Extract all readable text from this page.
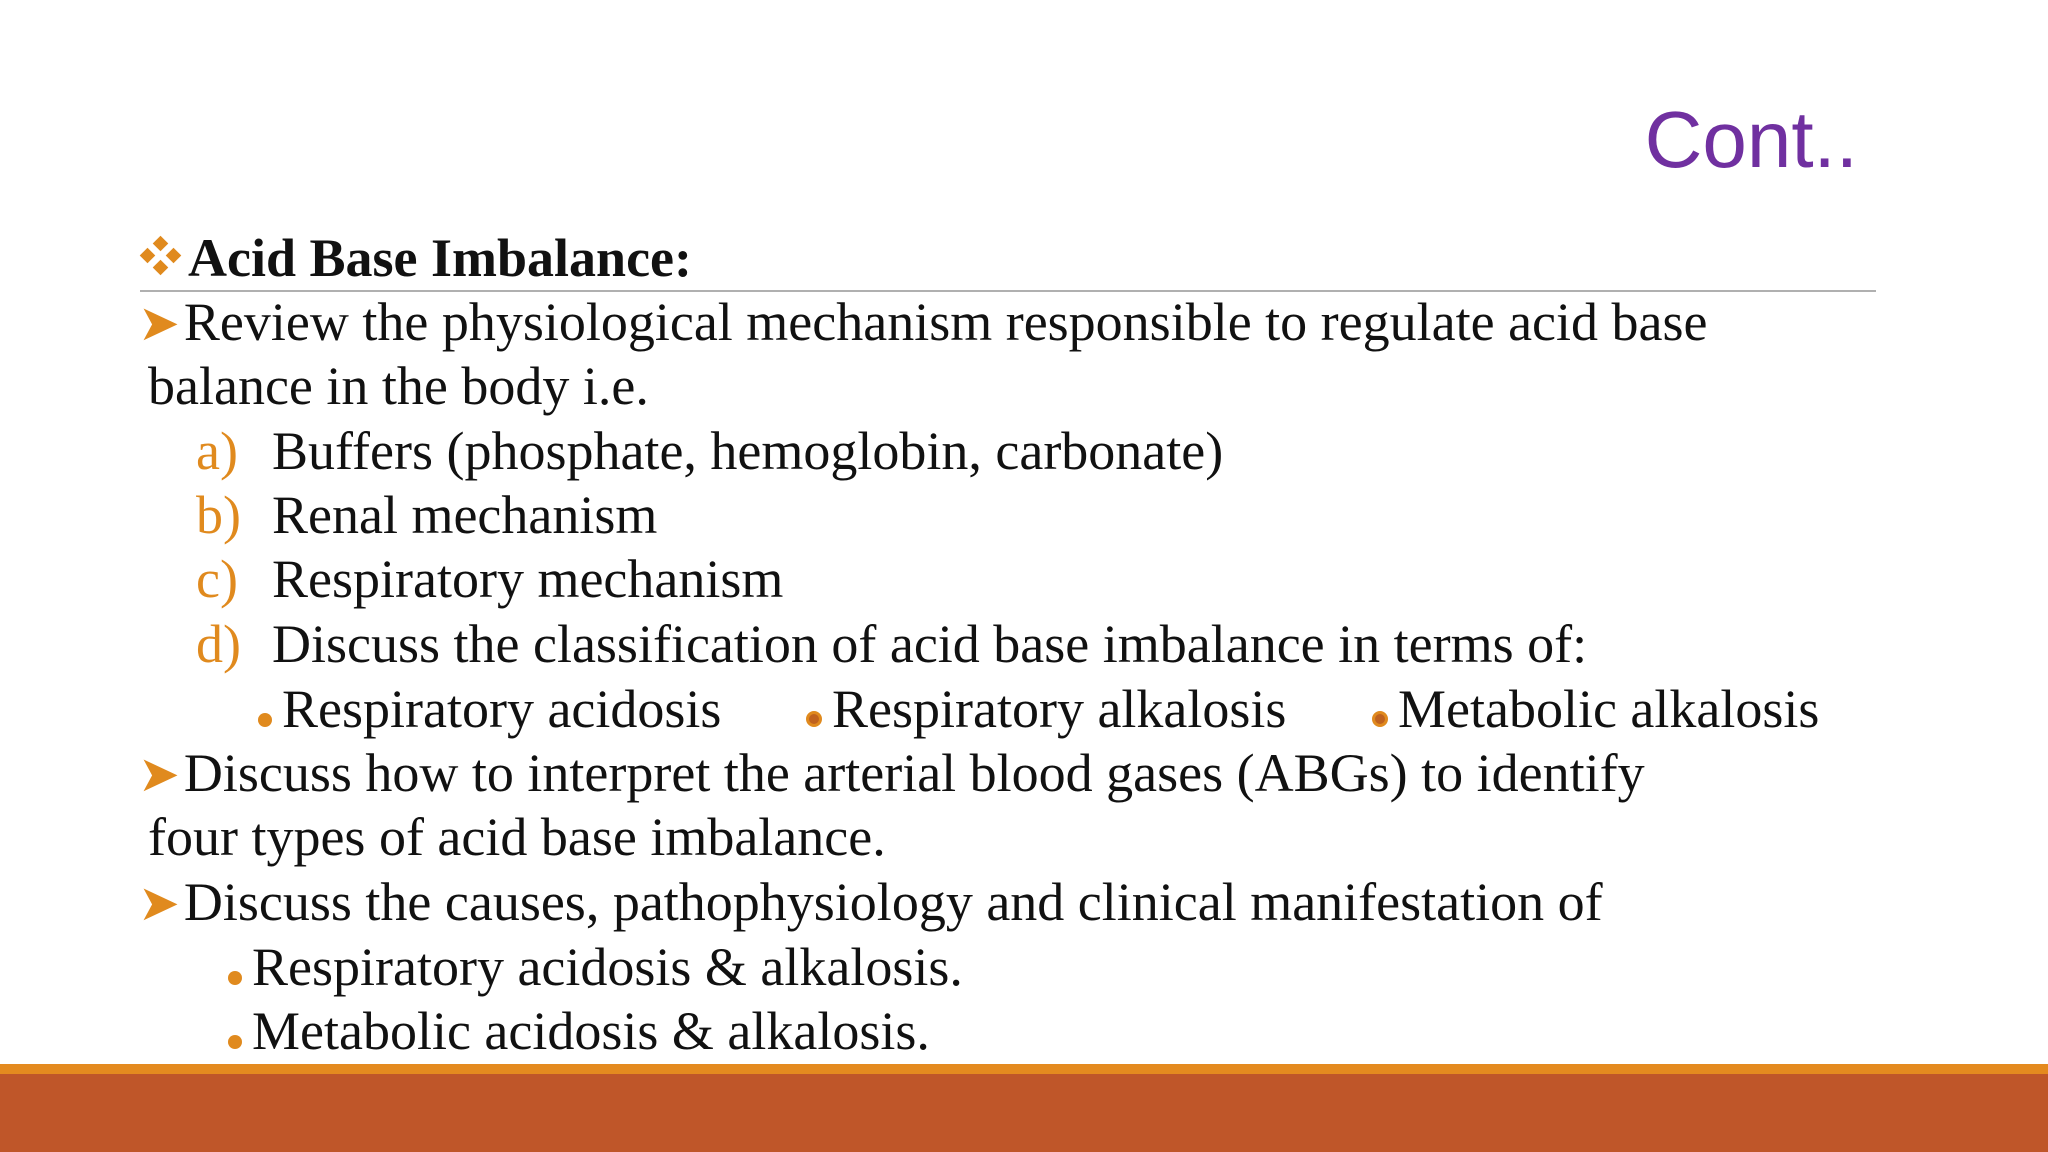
Cont..
Acid Base Imbalance:
➤Review the physiological mechanism responsible to regulate acid base
balance in the body i.e.
a) Buffers (phosphate, hemoglobin, carbonate)
b) Renal mechanism
c) Respiratory mechanism
d) Discuss the classification of acid base imbalance in terms of:
Respiratory acidosis	Respiratory alkalosis	Metabolic alkalosis
➤Discuss how to interpret the arterial blood gases (ABGs) to identify
four types of acid base imbalance.
➤Discuss the causes, pathophysiology and clinical manifestation of
Respiratory acidosis & alkalosis.
Metabolic acidosis & alkalosis.
